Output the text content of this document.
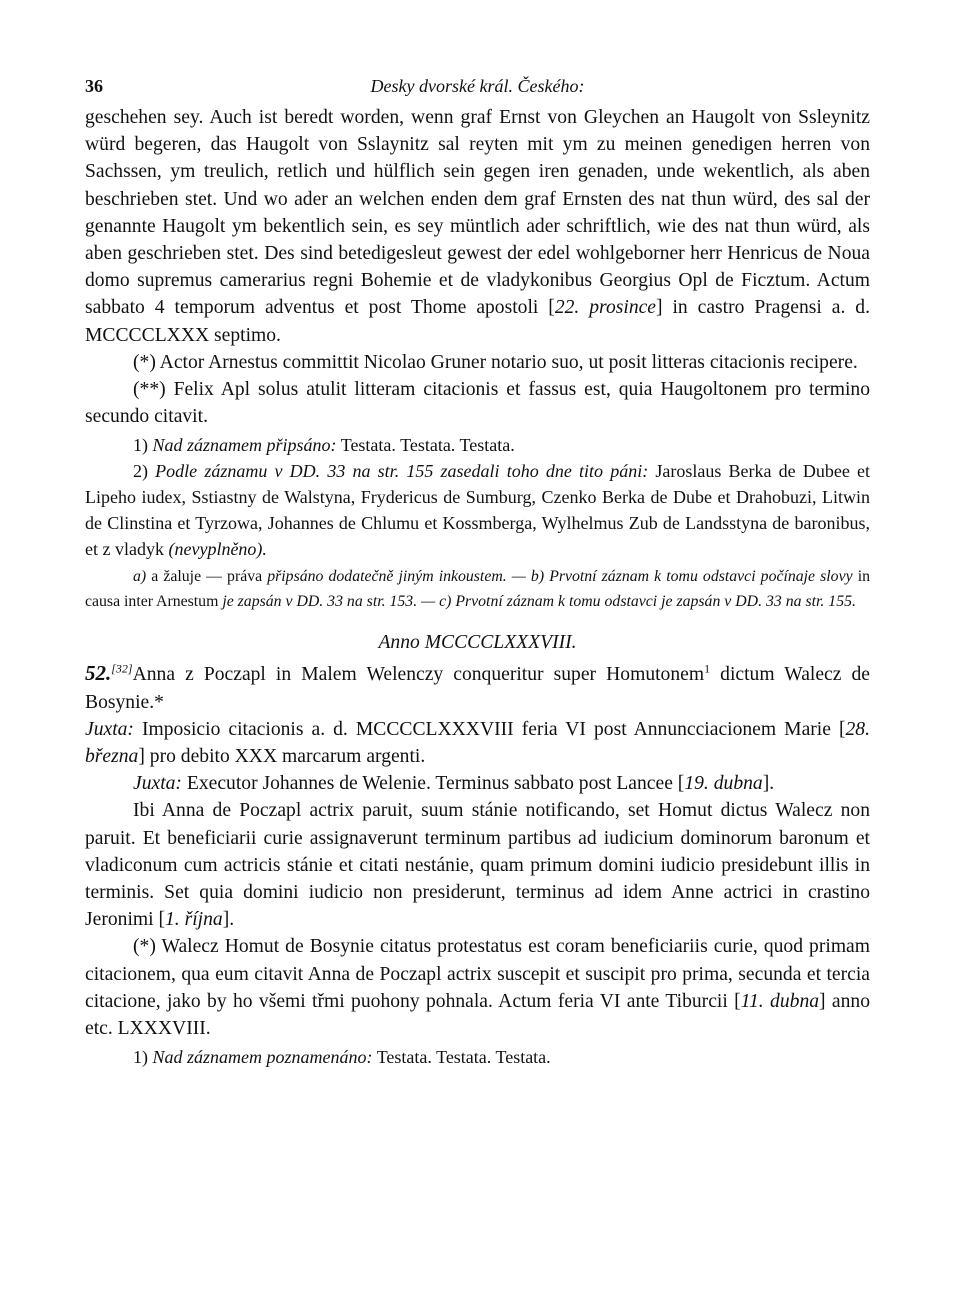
36	Desky dvorské král. Českého:

geschehen sey. Auch ist beredt worden, wenn graf Ernst von Gleychen an Haugolt von Ssleynitz würd begeren, das Haugolt von Sslaynitz sal reyten mit ym zu meinen genedigen herren von Sachssen, ym treulich, retlich und hülflich sein gegen iren genaden, unde wekentlich, als aben beschrieben stet. Und wo ader an welchen enden dem graf Ernsten des nat thun würd, des sal der genannte Haugolt ym bekentlich sein, es sey müntlich ader schriftlich, wie des nat thun würd, als aben geschrieben stet. Des sind betedigesleut gewest der edel wohlgeborner herr Henricus de Noua domo supremus camerarius regni Bohemie et de vladykonibus Georgius Opl de Ficztum. Actum sabbato 4 temporum adventus et post Thome apostoli [22. prosince] in castro Pragensi a. d. MCCCCLXXX septimo.

(*) Actor Arnestus committit Nicolao Gruner notario suo, ut posit litteras citacionis recipere.

(**) Felix Apl solus atulit litteram citacionis et fassus est, quia Haugoltonem pro termino secundo citavit.

1) Nad záznamem připsáno: Testata. Testata. Testata.

2) Podle záznamu v DD. 33 na str. 155 zasedali toho dne tito páni: Jaroslaus Berka de Dubee et Lipeho iudex, Sstiastny de Walstyna, Frydericus de Sumburg, Czenko Berka de Dube et Drahobuzi, Litwin de Clinstina et Tyrzowa, Johannes de Chlumu et Kossmberga, Wylhelmus Zub de Landsstyna de baronibus, et z vladyk (nevyplněno).

a) a žaluje — práva připsáno dodatečně jiným inkoustem. — b) Prvotní záznam k tomu odstavci počínaje slovy in causa inter Arnestum je zapsán v DD. 33 na str. 153. — c) Prvotní záznam k tomu odstavci je zapsán v DD. 33 na str. 155.

Anno MCCCCLXXXVIII.

52.[32]Anna z Poczapl in Malem Welenczy conqueritur super Homutonem$^1$ dictum Walecz de Bosynie.*

Juxta: Imposicio citacionis a. d. MCCCCLXXXVIII feria VI post Annuncciacionem Marie [28. března] pro debito XXX marcarum argenti.

Juxta: Executor Johannes de Welenie. Terminus sabbato post Lancee [19. dubna].

Ibi Anna de Poczapl actrix paruit, suum stánie notificando, set Homut dictus Walecz non paruit. Et beneficiarii curie assignaverunt terminum partibus ad iudicium dominorum baronum et vladiconum cum actricis stánie et citati nestánie, quam primum domini iudicio presidebunt illis in terminis. Set quia domini iudicio non presiderunt, terminus ad idem Anne actrici in crastino Jeronimi [1. října].

(*) Walecz Homut de Bosynie citatus protestatus est coram beneficiariis curie, quod primam citacionem, qua eum citavit Anna de Poczapl actrix suscepit et suscipit pro prima, secunda et tercia citacione, jako by ho všemi třmi puohony pohnala. Actum feria VI ante Tiburcii [11. dubna] anno etc. LXXXVIII.

1) Nad záznamem poznamenáno: Testata. Testata. Testata.
